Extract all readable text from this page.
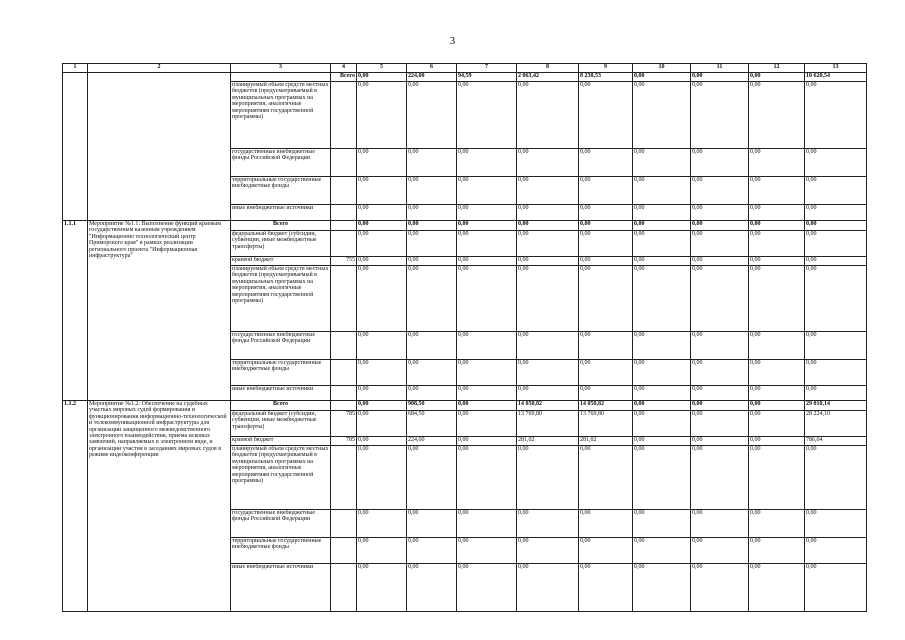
3
1	2	3	4	5	6	7	8	9	10	11	12	13
			Всего	0,00	224,00	94,59	2 063,42	8 238,53	0,00	0,00	0,00	10 620,54
		планируемый объем средств местных бюджетов (предусматриваемый в муниципальных программах на мероприятия, аналогичные мероприятиям государственной программы)		0,00	0,00	0,00	0,00	0,00	0,00	0,00	0,00	0,00
		государственные внебюджетные фонды Российской Федерации		0,00	0,00	0,00	0,00	0,00	0,00	0,00	0,00	0,00
		территориальные государственные внебюджетные фонды		0,00	0,00	0,00	0,00	0,00	0,00	0,00	0,00	0,00
		иные внебюджетные источники		0,00	0,00	0,00	0,00	0,00	0,00	0,00	0,00	0,00
1.1.1	Мероприятие №1.1: Выполнение функций краевым государственным казенным учреждением "Информационно технологический центр Приморского края" в рамках реализации регионального проекта "Информационная инфраструктура"	Всего		0,00	0,00	0,00	0,00	0,00	0,00	0,00	0,00	0,00
		федеральный бюджет (субсидии, субвенции, иные межбюджетные трансферты)		0,00	0,00	0,00	0,00	0,00	0,00	0,00	0,00	0,00
		краевой бюджет	755	0,00	0,00	0,00	0,00	0,00	0,00	0,00	0,00	0,00
		планируемый объем средств местных бюджетов (предусматриваемый в муниципальных программах на мероприятия, аналогичные мероприятиям государственной программы)		0,00	0,00	0,00	0,00	0,00	0,00	0,00	0,00	0,00
		государственные внебюджетные фонды Российской Федерации		0,00	0,00	0,00	0,00	0,00	0,00	0,00	0,00	0,00
		территориальные государственные внебюджетные фонды		0,00	0,00	0,00	0,00	0,00	0,00	0,00	0,00	0,00
		иные внебюджетные источники		0,00	0,00	0,00	0,00	0,00	0,00	0,00	0,00	0,00
1.1.2	Мероприятие №1.2: Обеспечение на судебных участках мировых судей формирования и функционирования информационно-технологической и телекоммуникационной инфраструктуры для организации защищенного межведомственного электронного взаимодействия, приема исковых заявлений, направляемых в электронном виде, и организации участия в заседаниях мировых судов в режиме видеоконференции	Всего		0,00	908,50	0,00	14 050,82	14 050,82	0,00	0,00	0,00	29 010,14
		федеральный бюджет (субсидии, субвенции, иные межбюджетные трансферты)	785	0,00	684,50	0,00	13 769,80	13 769,80	0,00	0,00	0,00	28 224,10
		краевой бюджет	785	0,00	224,00	0,00	281,02	281,02	0,00	0,00	0,00	786,04
		планируемый объем средств местных бюджетов (предусматриваемый в муниципальных программах на мероприятия, аналогичные мероприятиям государственной программы)		0,00	0,00	0,00	0,00	0,00	0,00	0,00	0,00	0,00
		государственные внебюджетные фонды Российской Федерации		0,00	0,00	0,00	0,00	0,00	0,00	0,00	0,00	0,00
		территориальные государственные внебюджетные фонды		0,00	0,00	0,00	0,00	0,00	0,00	0,00	0,00	0,00
		иные внебюджетные источники		0,00	0,00	0,00	0,00	0,00	0,00	0,00	0,00	0,00
